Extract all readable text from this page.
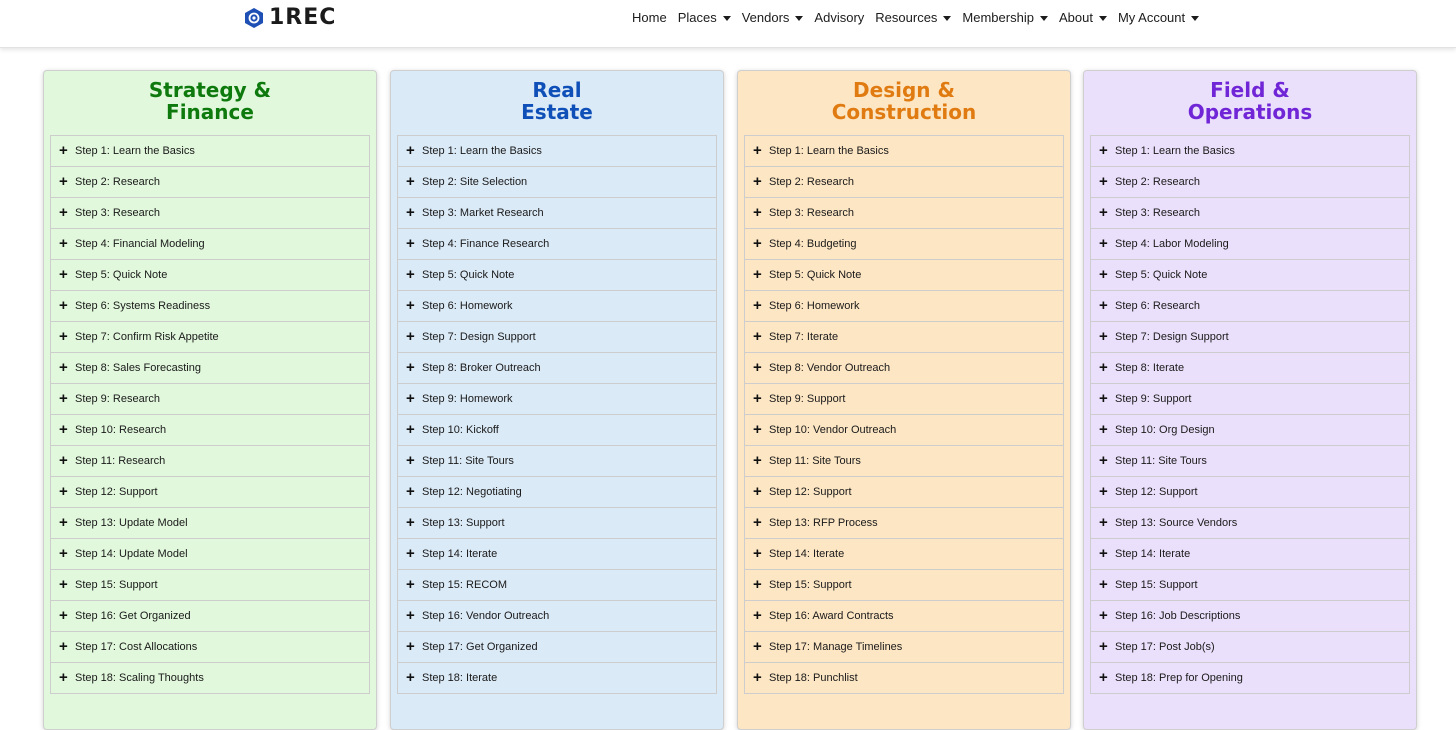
1REC	Home Places Vendors Advisory Resources Membership About My Account
Strategy &
Finance
+ Step 1: Learn the Basics
+ Step 2: Research
+ Step 3: Research
+ Step 4: Financial Modeling
+ Step 5: Quick Note
+ Step 6: Systems Readiness
+ Step 7: Confirm Risk Appetite
+ Step 8: Sales Forecasting
+ Step 9: Research
+ Step 10: Research
+ Step 11: Research
+ Step 12: Support
+ Step 13: Update Model
+ Step 14: Update Model
+ Step 15: Support
+ Step 16: Get Organized
+ Step 17: Cost Allocations
+ Step 18: Scaling Thoughts
Real
Estate
+ Step 1: Learn the Basics
+ Step 2: Site Selection
+ Step 3: Market Research
+ Step 4: Finance Research
+ Step 5: Quick Note
+ Step 6: Homework
+ Step 7: Design Support
+ Step 8: Broker Outreach
+ Step 9: Homework
+ Step 10: Kickoff
+ Step 11: Site Tours
+ Step 12: Negotiating
+ Step 13: Support
+ Step 14: Iterate
+ Step 15: RECOM
+ Step 16: Vendor Outreach
+ Step 17: Get Organized
+ Step 18: Iterate
Design &
Construction
+ Step 1: Learn the Basics
+ Step 2: Research
+ Step 3: Research
+ Step 4: Budgeting
+ Step 5: Quick Note
+ Step 6: Homework
+ Step 7: Iterate
+ Step 8: Vendor Outreach
+ Step 9: Support
+ Step 10: Vendor Outreach
+ Step 11: Site Tours
+ Step 12: Support
+ Step 13: RFP Process
+ Step 14: Iterate
+ Step 15: Support
+ Step 16: Award Contracts
+ Step 17: Manage Timelines
+ Step 18: Punchlist
Field &
Operations
+ Step 1: Learn the Basics
+ Step 2: Research
+ Step 3: Research
+ Step 4: Labor Modeling
+ Step 5: Quick Note
+ Step 6: Research
+ Step 7: Design Support
+ Step 8: Iterate
+ Step 9: Support
+ Step 10: Org Design
+ Step 11: Site Tours
+ Step 12: Support
+ Step 13: Source Vendors
+ Step 14: Iterate
+ Step 15: Support
+ Step 16: Job Descriptions
+ Step 17: Post Job(s)
+ Step 18: Prep for Opening
